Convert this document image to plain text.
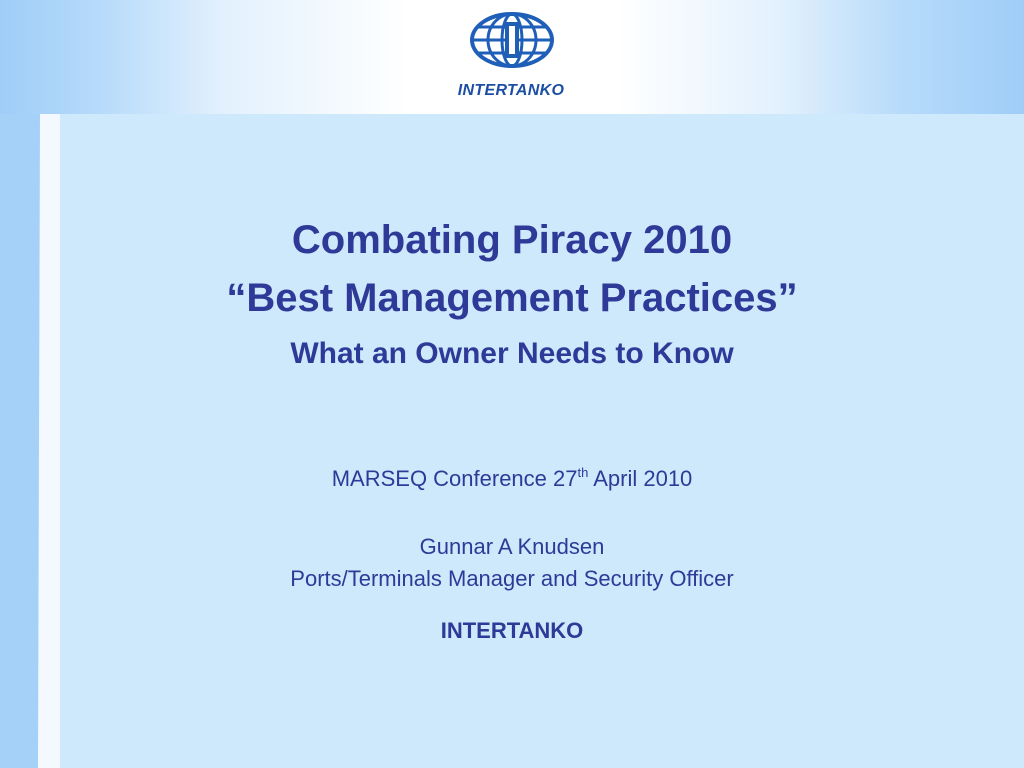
INTERTANKO
Combating Piracy 2010
“Best Management Practices”
What an Owner Needs to Know
MARSEQ Conference 27th April 2010
Gunnar A Knudsen
Ports/Terminals Manager and Security Officer
INTERTANKO
